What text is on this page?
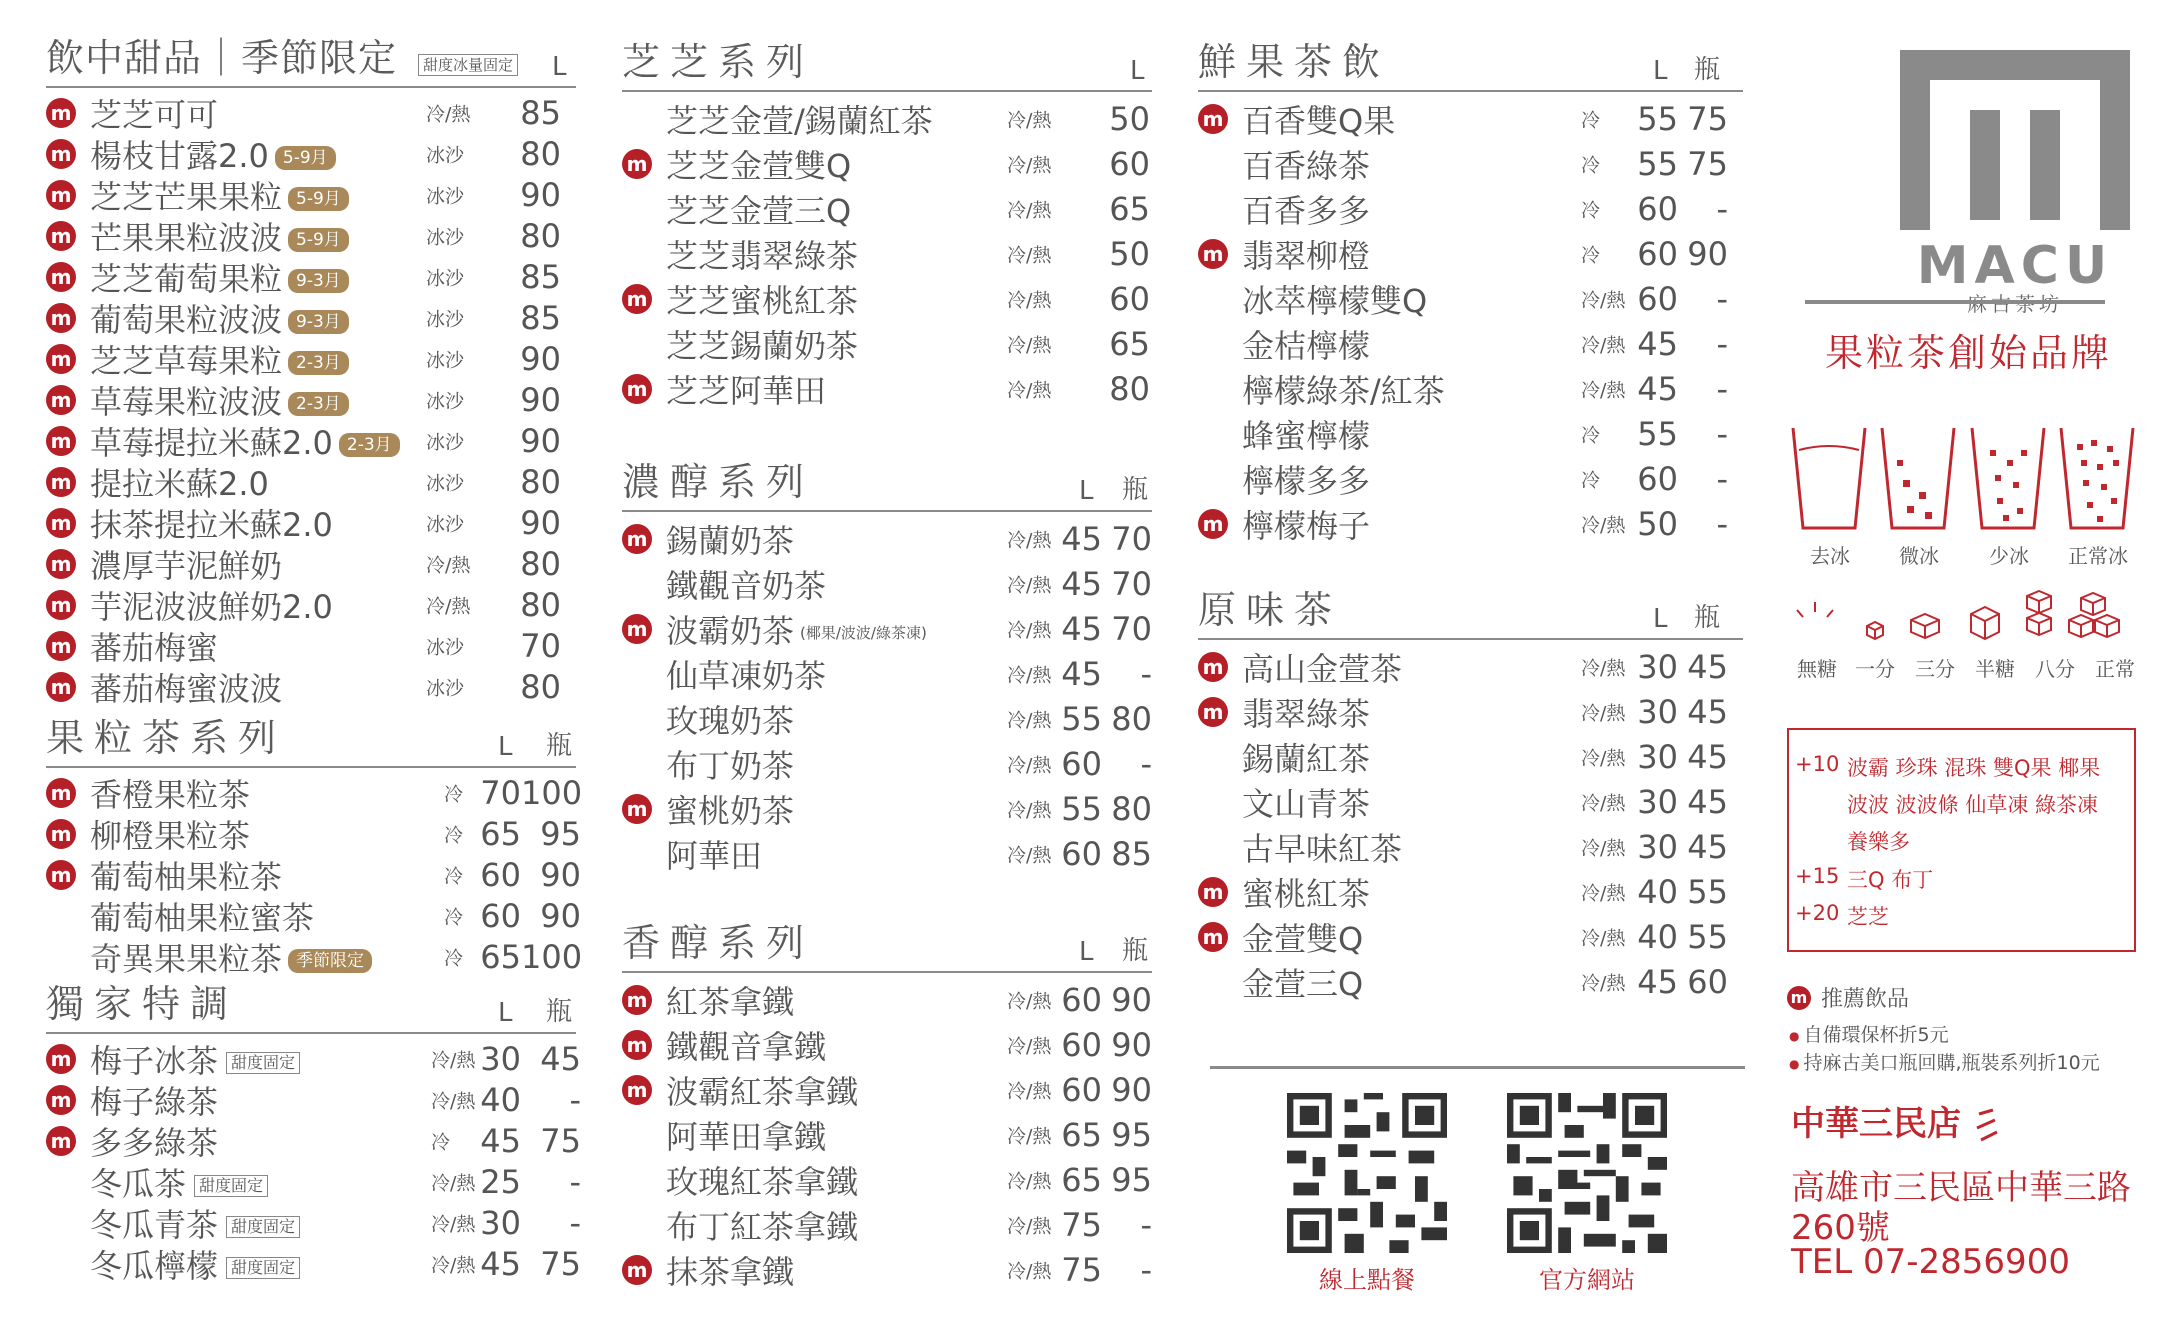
飲中甜品｜季節限定	甜度冰量固定 L
m 芝芝可可	冷/熱	85
m 楊枝甘露2.0 5-9月	冰沙	80
m 芝芝芒果果粒 5-9月	冰沙	90
m 芒果果粒波波 5-9月	冰沙	80
m 芝芝葡萄果粒 9-3月	冰沙	85
m 葡萄果粒波波 9-3月	冰沙	85
m 芝芝草莓果粒 2-3月	冰沙	90
m 草莓果粒波波 2-3月	冰沙	90
m 草莓提拉米蘇2.0 2-3月	冰沙	90
m 提拉米蘇2.0	冰沙	80
m 抹茶提拉米蘇2.0	冰沙	90
m 濃厚芋泥鮮奶	冷/熱	80
m 芋泥波波鮮奶2.0	冷/熱	80
m 蕃茄梅蜜	冰沙	70
m 蕃茄梅蜜波波	冰沙	80
果粒茶系列	L 瓶
m 香橙果粒茶	冷 70 100
m 柳橙果粒茶	冷 65 95
m 葡萄柚果粒茶	冷 60 90
葡萄柚果粒蜜茶	冷 60 90
奇異果果粒茶 季節限定	冷 65 100
獨家特調	L 瓶
m 梅子冰茶 甜度固定	冷/熱 30 45
m 梅子綠茶	冷/熱 40	-
m 多多綠茶	冷 45 75
冬瓜茶 甜度固定	冷/熱 25	-
冬瓜青茶 甜度固定	冷/熱 30	-
冬瓜檸檬 甜度固定	冷/熱 45 75
芝芝系列	L
芝芝金萱/錫蘭紅茶	冷/熱	50
m 芝芝金萱雙Q	冷/熱	60
芝芝金萱三Q	冷/熱	65
芝芝翡翠綠茶	冷/熱	50
m 芝芝蜜桃紅茶	冷/熱	60
芝芝錫蘭奶茶	冷/熱	65
m 芝芝阿華田	冷/熱	80
濃醇系列	L 瓶
m 錫蘭奶茶	冷/熱 45 70
鐵觀音奶茶	冷/熱 45 70
m 波霸奶茶 (椰果/波波/綠茶凍)	冷/熱 45 70
仙草凍奶茶	冷/熱 45	-
玫瑰奶茶	冷/熱 55 80
布丁奶茶	冷/熱 60	-
m 蜜桃奶茶	冷/熱 55 80
阿華田	冷/熱 60 85
香醇系列	L 瓶
m 紅茶拿鐵	冷/熱 60 90
m 鐵觀音拿鐵	冷/熱 60 90
m 波霸紅茶拿鐵	冷/熱 60 90
阿華田拿鐵	冷/熱 65 95
玫瑰紅茶拿鐵	冷/熱 65 95
布丁紅茶拿鐵	冷/熱 75	-
m 抹茶拿鐵	冷/熱 75	-
鮮果茶飲	L 瓶
m 百香雙Q果	冷	55 75
百香綠茶	冷	55 75
百香多多	冷	60	-
m 翡翠柳橙	冷	60 90
冰萃檸檬雙Q	冷/熱 60	-
金桔檸檬	冷/熱 45	-
檸檬綠茶/紅茶	冷/熱 45	-
蜂蜜檸檬	冷	55	-
檸檬多多	冷	60	-
m 檸檬梅子	冷/熱 50	-
原味茶	L 瓶
m 高山金萱茶	冷/熱 30 45
m 翡翠綠茶	冷/熱 30 45
錫蘭紅茶	冷/熱 30 45
文山青茶	冷/熱 30 45
古早味紅茶	冷/熱 30 45
m 蜜桃紅茶	冷/熱 40 55
m 金萱雙Q	冷/熱 40 55
金萱三Q	冷/熱 45 60
線上點餐	官方網站
MACU
果粒茶創始品牌
去冰	微冰	少冰	正常冰
無糖 一分	三分	半糖	八分	正常
+10 波霸 珍珠 混珠 雙Q果 椰果
波波 波波條 仙草凍 綠茶凍
養樂多
+15 三Q 布丁
+20 芝芝
m 推薦飲品
● 自備環保杯折5元
● 持麻古美口瓶回購,瓶裝系列折10元
中華三民店
高雄市三民區中華三路
260號
TEL 07-2856900
